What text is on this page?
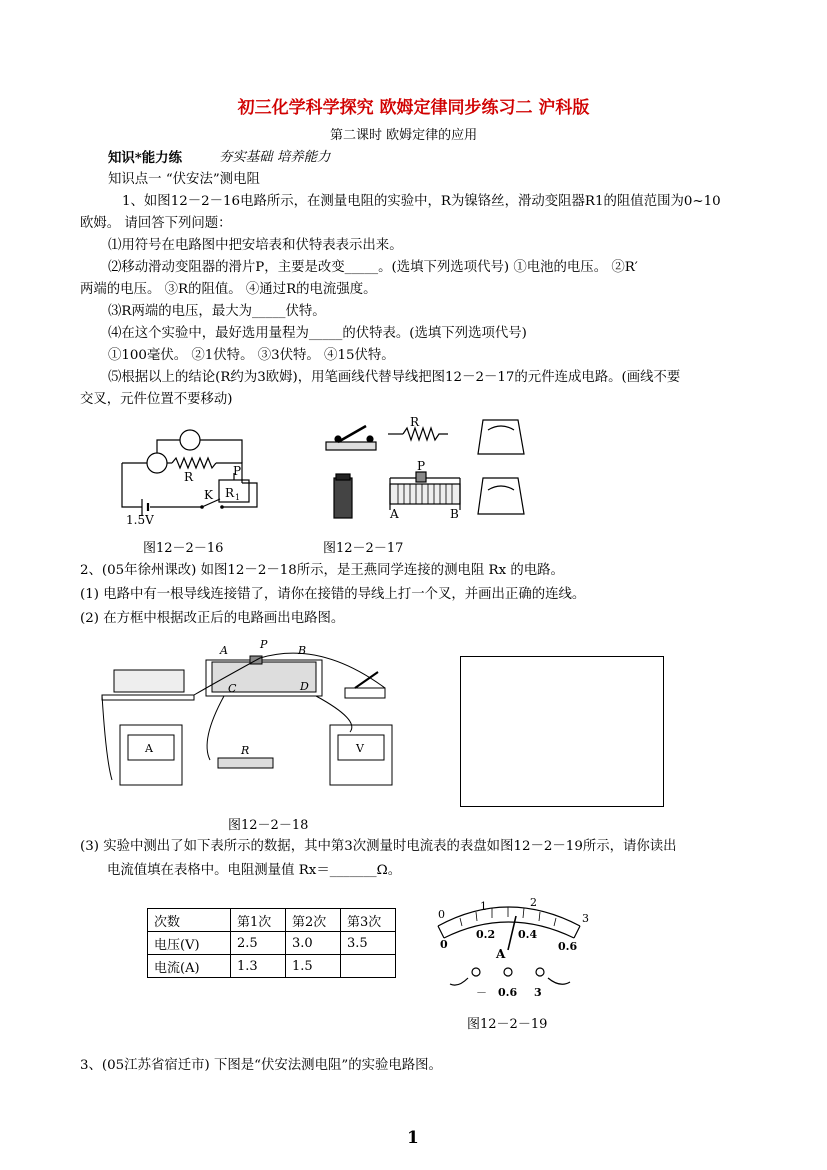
初三化学科学探究 欧姆定律同步练习二 沪科版
第二课时 欧姆定律的应用
知识*能力练	夯实基础 培养能力
知识点一 “伏安法”测电阻
1、如图12－2－16电路所示，在测量电阻的实验中，R为镍铬丝，滑动变阻器R1的阻值范围为0~10
欧姆。 请回答下列问题：
⑴用符号在电路图中把安培表和伏特表表示出来。
⑵移动滑动变阻器的滑片P，主要是改变_____。(选填下列选项代号) ①电池的电压。 ②R′
两端的电压。 ③R的阻值。 ④通过R的电流强度。
⑶R两端的电压，最大为_____伏特。
⑷在这个实验中，最好选用量程为_____的伏特表。(选填下列选项代号)
①100毫伏。 ②1伏特。 ③3伏特。 ④15伏特。
⑸根据以上的结论(R约为3欧姆)，用笔画线代替导线把图12－2－17的元件连成电路。(画线不要
交叉，元件位置不要移动)
R	P
R 1
K
1.5V
R
P
A	B
图12－2－16	图12－2－17
2、(05年徐州课改) 如图12－2－18所示，是王燕同学连接的测电阻 Rx 的电路。
(1) 电路中有一根导线连接错了，请你在接错的导线上打一个叉，并画出正确的连线。
(2) 在方框中根据改正后的电路画出电路图。
A	V
A	P	B
C	D
R
图12－2－18
(3) 实验中测出了如下表所示的数据，其中第3次测量时电流表的表盘如图12－2－19所示，请你读出
电流值填在表格中。电阻测量值 Rx＝_______Ω。
次数	第1次	第2次	第3次
电压(V)	2.5	3.0	3.5
电流(A)	1.3	1.5	
0
1	2
3
0
0.2 0.4
0.6
A
－ 0.6 3
图12－2－19
3、(05江苏省宿迁市) 下图是“伏安法测电阻”的实验电路图。
1
